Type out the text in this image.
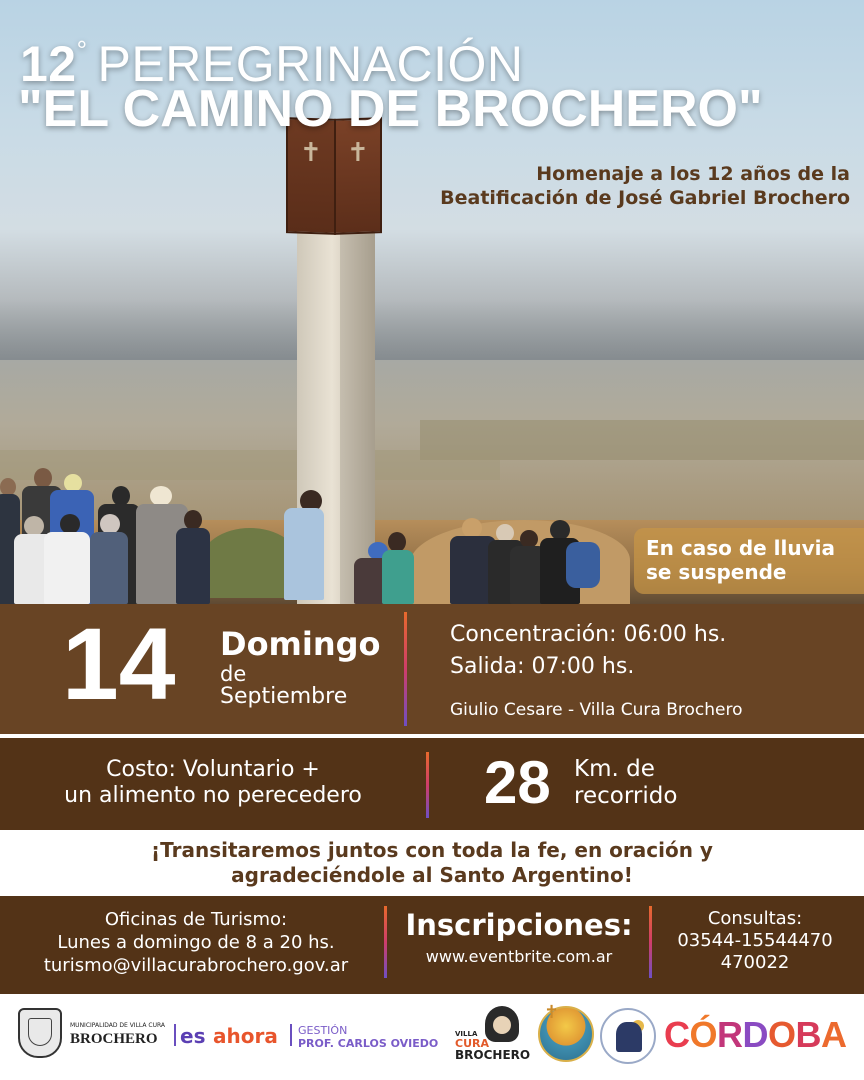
✝ ✝
12° PEREGRINACIÓN
"EL CAMINO DE BROCHERO"
Homenaje a los 12 años de la
Beatificación de José Gabriel Brochero
En caso de lluvia
se suspende
14 Domingo
de
Septiembre
Concentración: 06:00 hs.
Salida: 07:00 hs.
Giulio Cesare - Villa Cura Brochero
Costo: Voluntario +
un alimento no perecedero	28 Km. de
recorrido
¡Transitaremos juntos con toda la fe, en oración y
agradeciéndole al Santo Argentino!
Oficinas de Turismo:
Lunes a domingo de 8 a 20 hs.
turismo@villacurabrochero.gov.ar
Inscripciones:
www.eventbrite.com.ar
Consultas:
03544-15544470
470022
MUNICIPALIDAD DE VILLA CURA
BROCHERO es ahora GESTIÓN
PROF. CARLOS OVIEDO
VILLA
CURA
BROCHERO
✝
CÓRDOBA
